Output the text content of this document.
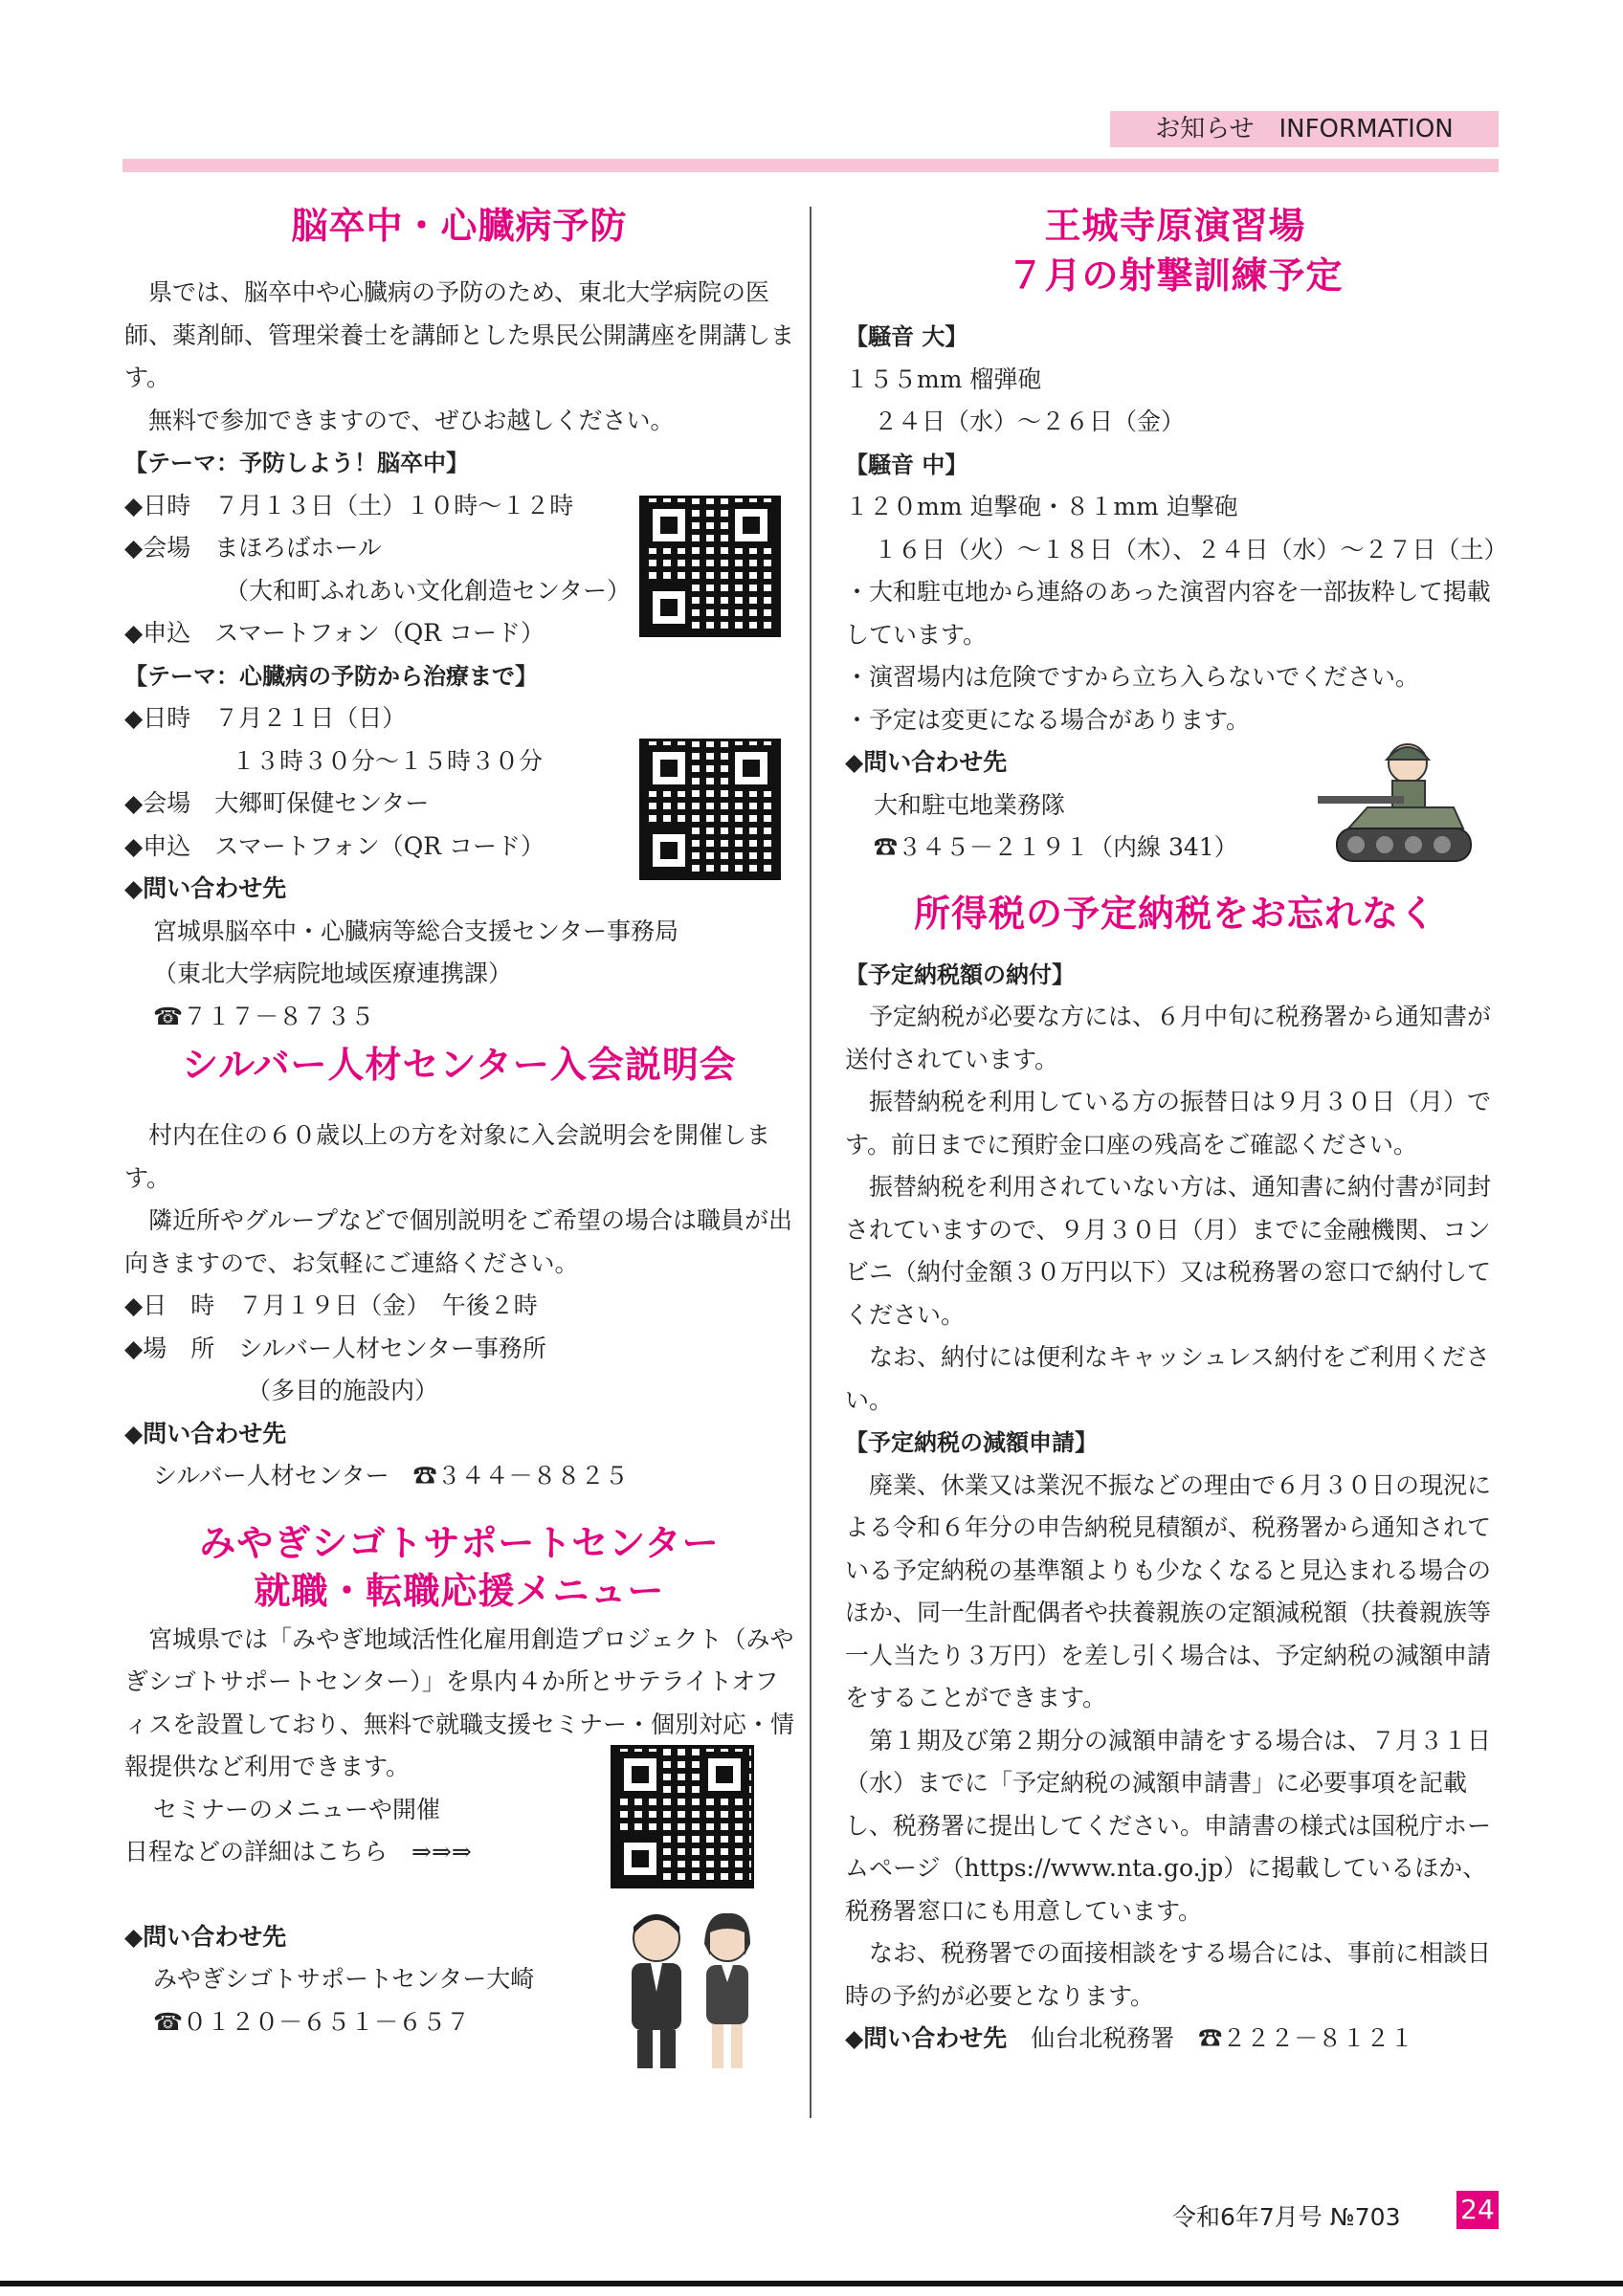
お知らせ　INFORMATION
脳卒中・心臓病予防

県では、脳卒中や心臓病の予防のため、東北大学病院の医師、薬剤師、管理栄養士を講師とした県民公開講座を開講します。

無料で参加できますので、ぜひお越しください。

【テーマ：予防しよう！脳卒中】

◆日時　７月１３日（土）１０時～１２時

◆会場　まほろばホール

（大和町ふれあい文化創造センター）

◆申込　スマートフォン（QR コード）

【テーマ：心臓病の予防から治療まで】

◆日時　７月２１日（日）

１３時３０分～１５時３０分

◆会場　大郷町保健センター

◆申込　スマートフォン（QR コード）

◆問い合わせ先

宮城県脳卒中・心臓病等総合支援センター事務局

（東北大学病院地域医療連携課）

☎７１７－８７３５

シルバー人材センター入会説明会

村内在住の６０歳以上の方を対象に入会説明会を開催します。

隣近所やグループなどで個別説明をご希望の場合は職員が出向きますので、お気軽にご連絡ください。

◆日　時　７月１９日（金）　午後２時

◆場　所　シルバー人材センター事務所

（多目的施設内）

◆問い合わせ先

シルバー人材センター　☎３４４－８８２５

みやぎシゴトサポートセンター
就職・転職応援メニュー

宮城県では「みやぎ地域活性化雇用創造プロジェクト（みやぎシゴトサポートセンター）」を県内４か所とサテライトオフィスを設置しており、無料で就職支援セミナー・個別対応・情報提供など利用できます。

セミナーのメニューや開催

日程などの詳細はこちら　⇒⇒⇒

◆問い合わせ先

みやぎシゴトサポートセンター大崎

☎０１２０－６５１－６５７

王城寺原演習場
７月の射撃訓練予定

【騒音 大】

１５５mm 榴弾砲

２４日（水）～２６日（金）

【騒音 中】

１２０mm 迫撃砲・８１mm 迫撃砲

１６日（火）～１８日（木）、２４日（水）～２７日（土）

・大和駐屯地から連絡のあった演習内容を一部抜粋して掲載しています。

・演習場内は危険ですから立ち入らないでください。

・予定は変更になる場合があります。

◆問い合わせ先

大和駐屯地業務隊

☎３４５－２１９１（内線 341）

所得税の予定納税をお忘れなく

【予定納税額の納付】

予定納税が必要な方には、６月中旬に税務署から通知書が送付されています。

振替納税を利用している方の振替日は９月３０日（月）です。前日までに預貯金口座の残高をご確認ください。

振替納税を利用されていない方は、通知書に納付書が同封されていますので、９月３０日（月）までに金融機関、コンビニ（納付金額３０万円以下）又は税務署の窓口で納付してください。

なお、納付には便利なキャッシュレス納付をご利用ください。

【予定納税の減額申請】

廃業、休業又は業況不振などの理由で６月３０日の現況による令和６年分の申告納税見積額が、税務署から通知されている予定納税の基準額よりも少なくなると見込まれる場合のほか、同一生計配偶者や扶養親族の定額減税額（扶養親族等一人当たり３万円）を差し引く場合は、予定納税の減額申請をすることができます。

第１期及び第２期分の減額申請をする場合は、７月３１日（水）までに「予定納税の減額申請書」に必要事項を記載し、税務署に提出してください。申請書の様式は国税庁ホームページ（https://www.nta.go.jp）に掲載しているほか、税務署窓口にも用意しています。

なお、税務署での面接相談をする場合には、事前に相談日時の予約が必要となります。

◆問い合わせ先　 仙台北税務署　☎２２２－８１２１

令和6年7月号 №703 24
